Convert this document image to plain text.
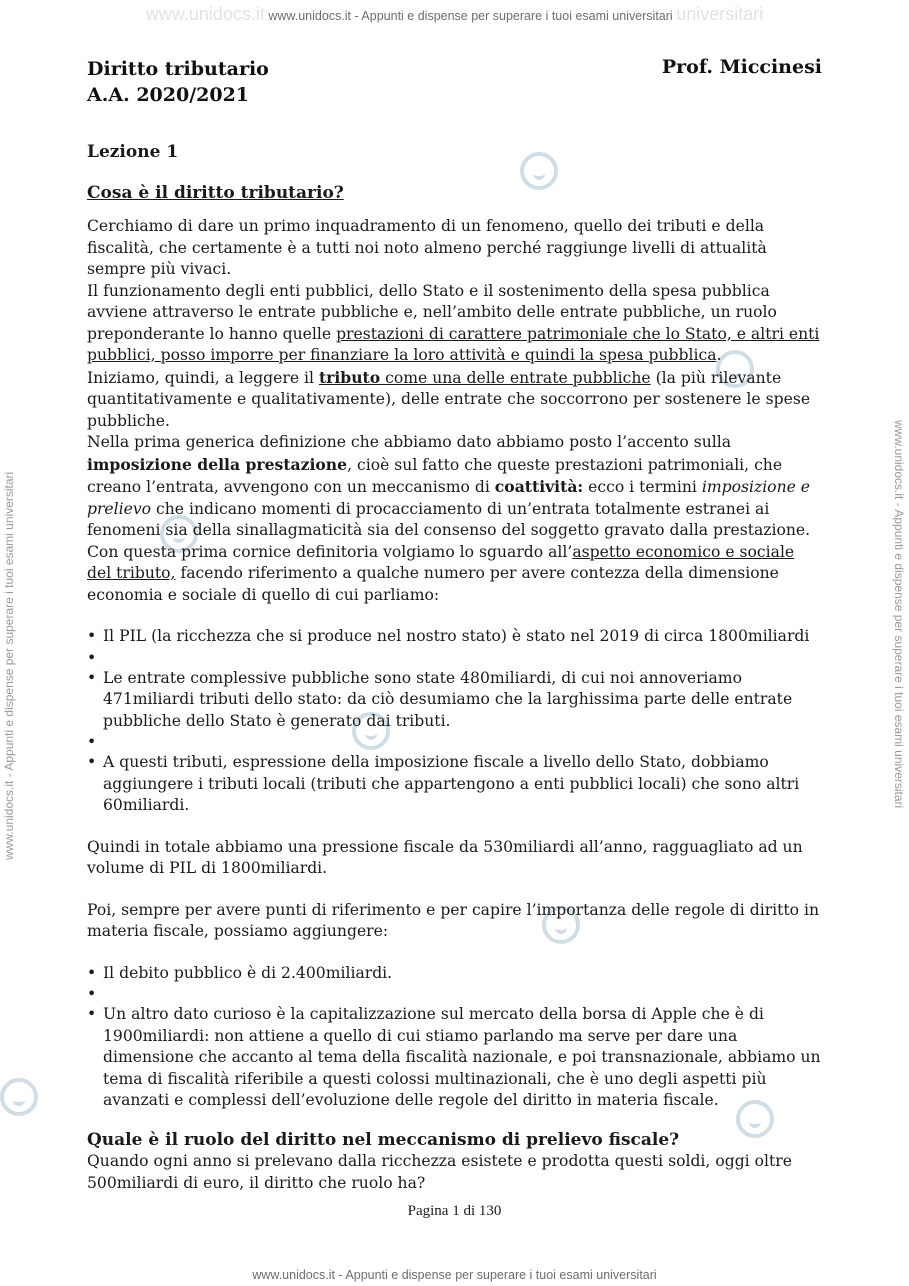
www.unidocs.it www.unidocs.it - Appunti e dispense per superare i tuoi esami universitari universitari
www.unidocs.it - Appunti e dispense per superare i tuoi esami universitari	www.unidocs.it - Appunti e dispense per superare i tuoi esami universitari
Diritto tributario
A.A. 2020/2021
Prof. Miccinesi
Lezione 1
Cosa è il diritto tributario?

Cerchiamo di dare un primo inquadramento di un fenomeno, quello dei tributi e della fiscalità, che certamente è a tutti noi noto almeno perché raggiunge livelli di attualità sempre più vivaci.

Il funzionamento degli enti pubblici, dello Stato e il sostenimento della spesa pubblica avviene attraverso le entrate pubbliche e, nell’ambito delle entrate pubbliche, un ruolo preponderante lo hanno quelle prestazioni di carattere patrimoniale che lo Stato, e altri enti pubblici, posso imporre per finanziare la loro attività e quindi la spesa pubblica.

Iniziamo, quindi, a leggere il tributo come una delle entrate pubbliche (la più rilevante quantitativamente e qualitativamente), delle entrate che soccorrono per sostenere le spese pubbliche.

Nella prima generica definizione che abbiamo dato abbiamo posto l’accento sulla imposizione della prestazione, cioè sul fatto che queste prestazioni patrimoniali, che creano l’entrata, avvengono con un meccanismo di coattività: ecco i termini imposizione e prelievo che indicano momenti di procacciamento di un’entrata totalmente estranei ai fenomeni sia della sinallagmaticità sia del consenso del soggetto gravato dalla prestazione.

Con questa prima cornice definitoria volgiamo lo sguardo all’aspetto economico e sociale del tributo, facendo riferimento a qualche numero per avere contezza della dimensione economia e sociale di quello di cui parliamo:

• Il PIL (la ricchezza che si produce nel nostro stato) è stato nel 2019 di circa 1800miliardi
•
• Le entrate complessive pubbliche sono state 480miliardi, di cui noi annoveriamo 471miliardi tributi dello stato: da ciò desumiamo che la larghissima parte delle entrate pubbliche dello Stato è generato dai tributi.
•
• A questi tributi, espressione della imposizione fiscale a livello dello Stato, dobbiamo aggiungere i tributi locali (tributi che appartengono a enti pubblici locali) che sono altri 60miliardi.

Quindi in totale abbiamo una pressione fiscale da 530miliardi all’anno, ragguagliato ad un volume di PIL di 1800miliardi.

Poi, sempre per avere punti di riferimento e per capire l’importanza delle regole di diritto in materia fiscale, possiamo aggiungere:

• Il debito pubblico è di 2.400miliardi.
•
• Un altro dato curioso è la capitalizzazione sul mercato della borsa di Apple che è di 1900miliardi: non attiene a quello di cui stiamo parlando ma serve per dare una dimensione che accanto al tema della fiscalità nazionale, e poi transnazionale, abbiamo un tema di fiscalità riferibile a questi colossi multinazionali, che è uno degli aspetti più avanzati e complessi dell’evoluzione delle regole del diritto in materia fiscale.
Quale è il ruolo del diritto nel meccanismo di prelievo fiscale?

Quando ogni anno si prelevano dalla ricchezza esistete e prodotta questi soldi, oggi oltre 500miliardi di euro, il diritto che ruolo ha?

Pagina 1 di 130
www.unidocs.it - Appunti e dispense per superare i tuoi esami universitari
